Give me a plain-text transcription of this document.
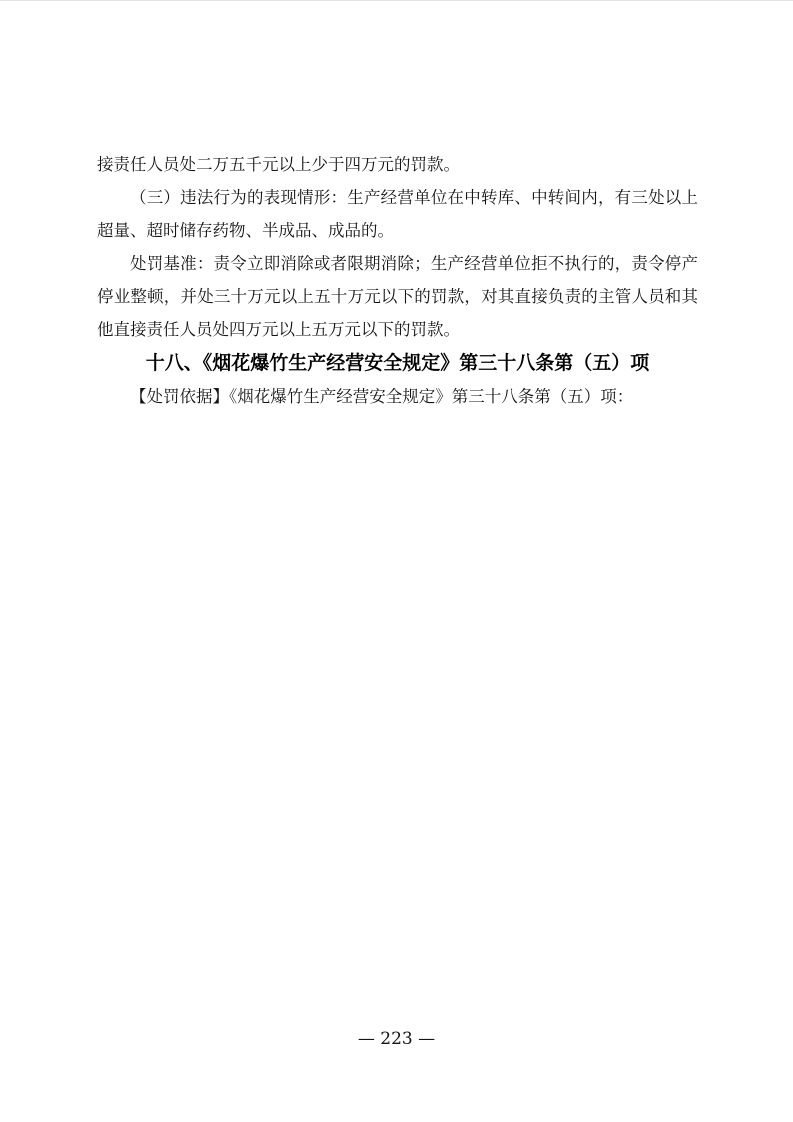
接责任人员处二万五千元以上少于四万元的罚款。

（三）违法行为的表现情形：生产经营单位在中转库、中转间内，有三处以上超量、超时储存药物、半成品、成品的。

处罚基准：责令立即消除或者限期消除；生产经营单位拒不执行的，责令停产停业整顿，并处三十万元以上五十万元以下的罚款，对其直接负责的主管人员和其他直接责任人员处四万元以上五万元以下的罚款。

十八、《烟花爆竹生产经营安全规定》第三十八条第（五）项

【处罚依据】《烟花爆竹生产经营安全规定》第三十八条第（五）项：

— 223 —
